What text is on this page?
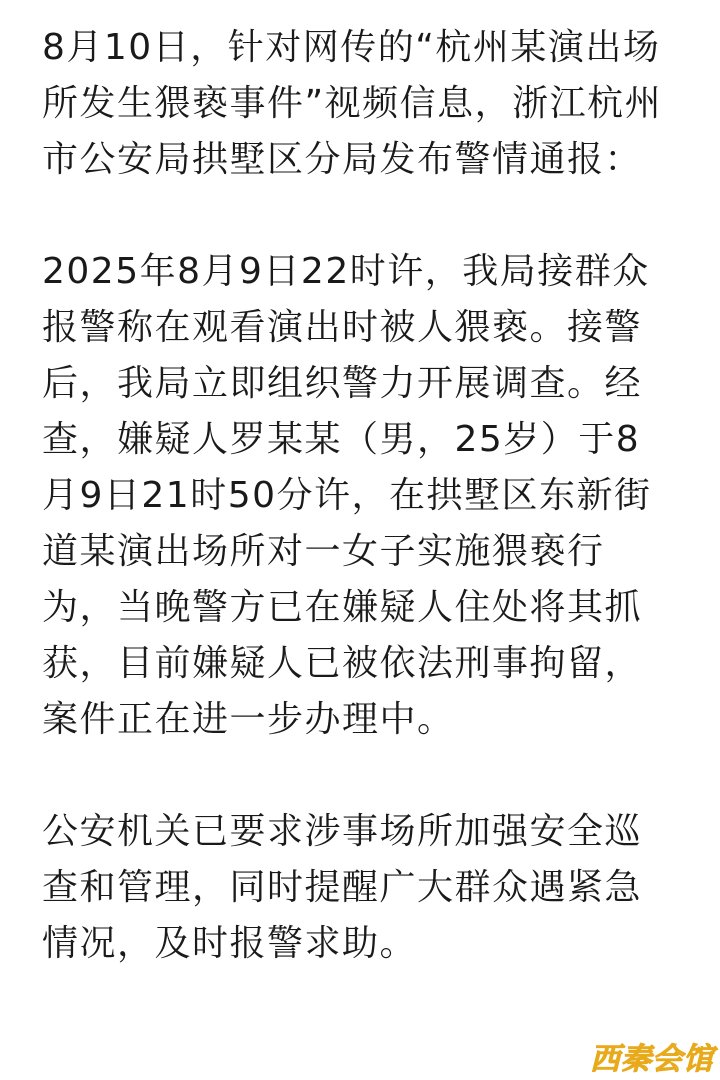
8月10日，针对网传的“杭州某演出场
所发生猥亵事件”视频信息，浙江杭州
市公安局拱墅区分局发布警情通报：

2025年8月9日22时许，我局接群众
报警称在观看演出时被人猥亵。接警
后，我局立即组织警力开展调查。经
查，嫌疑人罗某某（男，25岁）于8
月9日21时50分许，在拱墅区东新街
道某演出场所对一女子实施猥亵行
为，当晚警方已在嫌疑人住处将其抓
获，目前嫌疑人已被依法刑事拘留，
案件正在进一步办理中。

公安机关已要求涉事场所加强安全巡
查和管理，同时提醒广大群众遇紧急
情况，及时报警求助。

西秦会馆
